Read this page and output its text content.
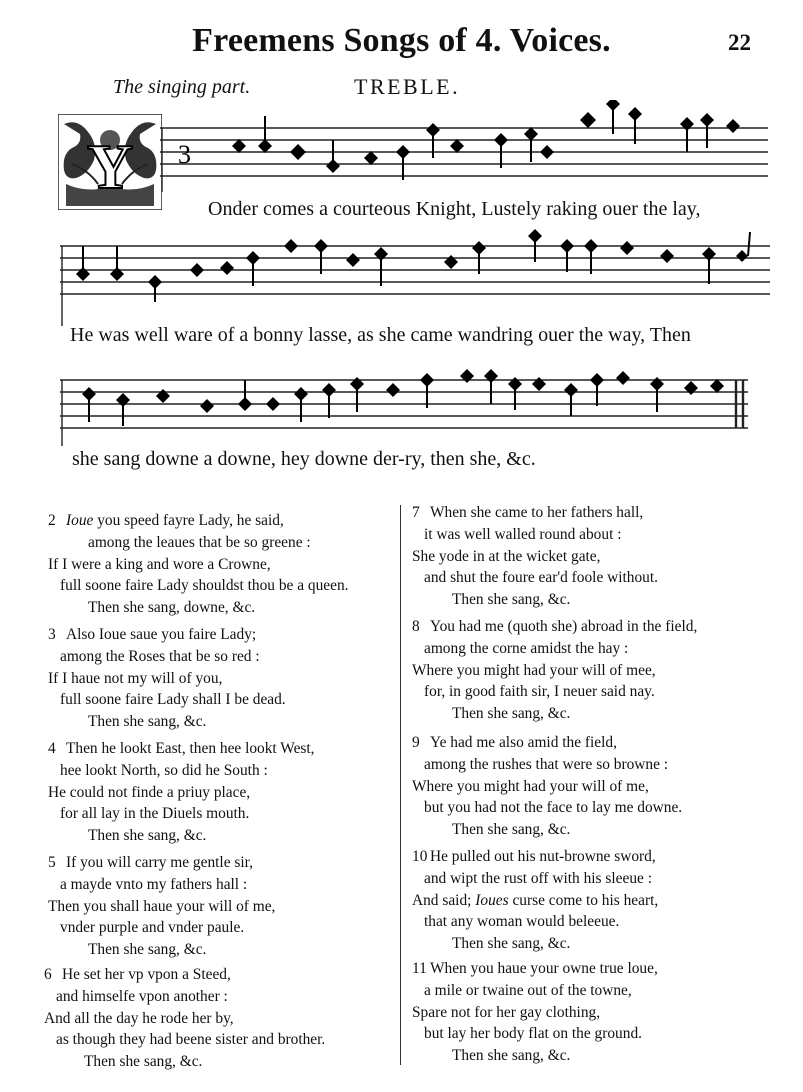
Freemens Songs of 4. Voices.	22
The singing part.	TREBLE.
Y 3
Onder comes a courteous Knight, Lustely raking ouer the lay,
He was well ware of a bonny lasse, as she came wandring ouer the way, Then
she sang downe a downe, hey downe der-ry, then she, &c.
2 Ioue you speed fayre Lady, he said,
among the leaues that be so greene :
If I were a king and wore a Crowne,
full soone faire Lady shouldst thou be a queen.
Then she sang, downe, &c.
3 Also Ioue saue you faire Lady;
among the Roses that be so red :
If I haue not my will of you,
full soone faire Lady shall I be dead.
Then she sang, &c.
4 Then he lookt East, then hee lookt West,
hee lookt North, so did he South :
He could not finde a priuy place,
for all lay in the Diuels mouth.
Then she sang, &c.
5 If you will carry me gentle sir,
a mayde vnto my fathers hall :
Then you shall haue your will of me,
vnder purple and vnder paule.
Then she sang, &c.
6 He set her vp vpon a Steed,
and himselfe vpon another :
And all the day he rode her by,
as though they had beene sister and brother.
Then she sang, &c.
7 When she came to her fathers hall,
it was well walled round about :
She yode in at the wicket gate,
and shut the foure ear'd foole without.
Then she sang, &c.
8 You had me (quoth she) abroad in the field,
among the corne amidst the hay :
Where you might had your will of mee,
for, in good faith sir, I neuer said nay.
Then she sang, &c.
9 Ye had me also amid the field,
among the rushes that were so browne :
Where you might had your will of me,
but you had not the face to lay me downe.
Then she sang, &c.
10 He pulled out his nut-browne sword,
and wipt the rust off with his sleeue :
And said; Ioues curse come to his heart,
that any woman would beleeue.
Then she sang, &c.
11 When you haue your owne true loue,
a mile or twaine out of the towne,
Spare not for her gay clothing,
but lay her body flat on the ground.
Then she sang, &c.
